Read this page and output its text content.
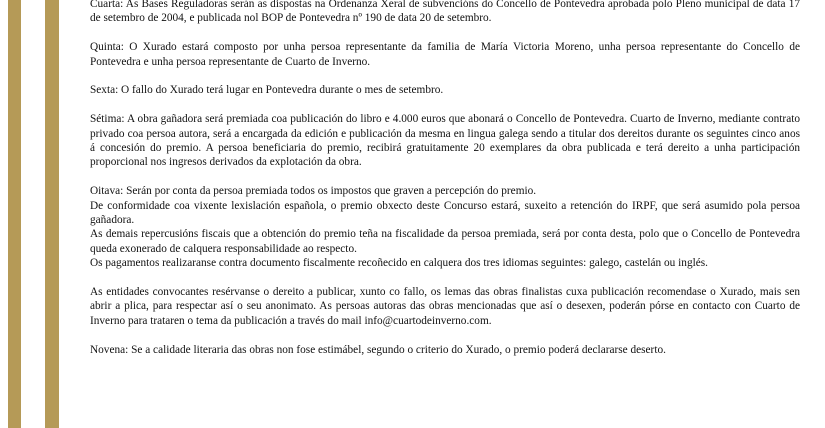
Cuarta: As Bases Reguladoras serán as dispostas na Ordenanza Xeral de subvencións do Concello de Pontevedra aprobada polo Pleno municipal de data 17 de setembro de 2004, e publicada nol BOP de Pontevedra nº 190 de data 20 de setembro.

Quinta: O Xurado estará composto por unha persoa representante da familia de María Victoria Moreno, unha persoa representante do Concello de Pontevedra e unha persoa representante de Cuarto de Inverno.

Sexta: O fallo do Xurado terá lugar en Pontevedra durante o mes de setembro.

Sétima: A obra gañadora será premiada coa publicación do libro e 4.000 euros que abonará o Concello de Pontevedra. Cuarto de Inverno, mediante contrato privado coa persoa autora, será a encargada da edición e publicación da mesma en lingua galega sendo a titular dos dereitos durante os seguintes cinco anos á concesión do premio. A persoa beneficiaria do premio, recibirá gratuitamente 20 exemplares da obra publicada e terá dereito a unha participación proporcional nos ingresos derivados da explotación da obra.

Oitava: Serán por conta da persoa premiada todos os impostos que graven a percepción do premio.

De conformidade coa vixente lexislación española, o premio obxecto deste Concurso estará, suxeito a retención do IRPF, que será asumido pola persoa gañadora.

As demais repercusións fiscais que a obtención do premio teña na fiscalidade da persoa premiada, será por conta desta, polo que o Concello de Pontevedra queda exonerado de calquera responsabilidade ao respecto.

Os pagamentos realizaranse contra documento fiscalmente recoñecido en calquera dos tres idiomas seguintes: galego, castelán ou inglés.

As entidades convocantes resérvanse o dereito a publicar, xunto co fallo, os lemas das obras finalistas cuxa publicación recomendase o Xurado, mais sen abrir a plica, para respectar así o seu anonimato. As persoas autoras das obras mencionadas que así o desexen, poderán pórse en contacto con Cuarto de Inverno para trataren o tema da publicación a través do mail info@cuartodeinverno.com.

Novena: Se a calidade literaria das obras non fose estimábel, segundo o criterio do Xurado, o premio poderá declararse deserto.
